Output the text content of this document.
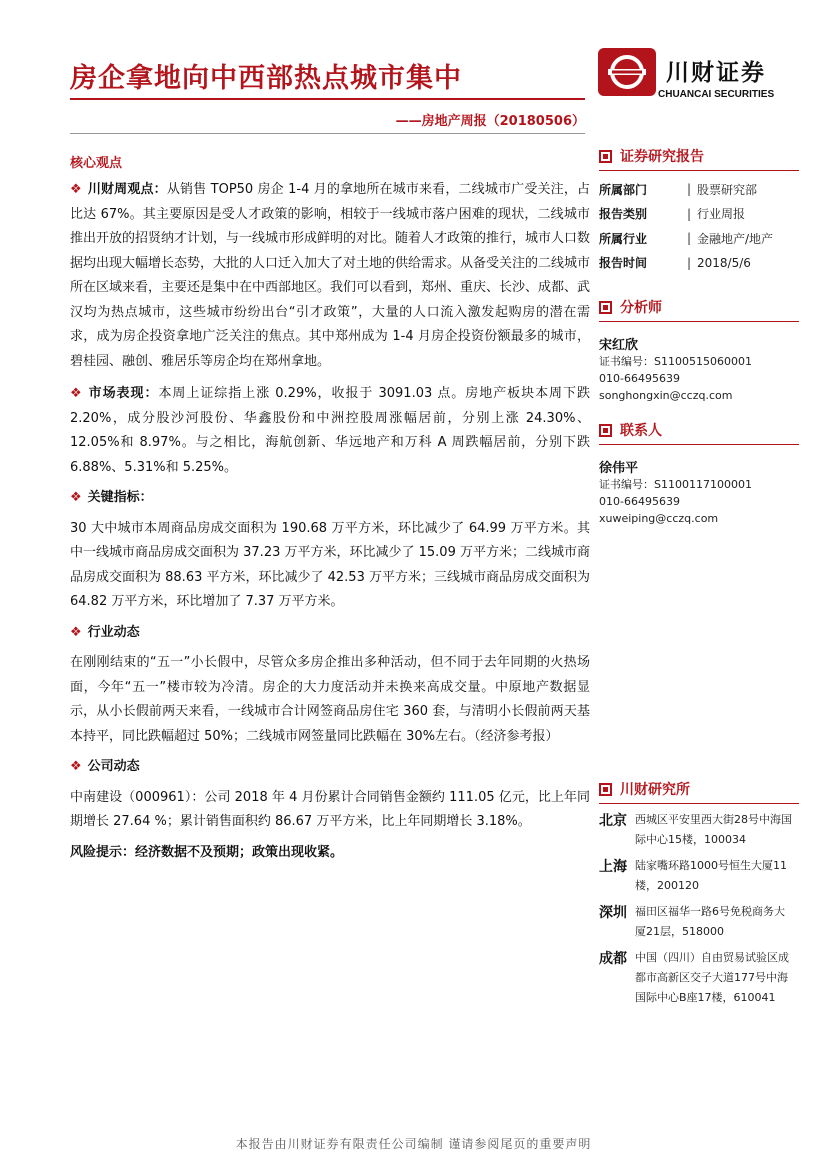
房企拿地向中西部热点城市集中
——房地产周报（20180506）
川财证券
CHUANCAI SECURITIES
核心观点
❖ 川财周观点：从销售 TOP50 房企 1-4 月的拿地所在城市来看，二线城市广受关注，占比达 67%。其主要原因是受人才政策的影响，相较于一线城市落户困难的现状，二线城市推出开放的招贤纳才计划，与一线城市形成鲜明的对比。随着人才政策的推行，城市人口数据均出现大幅增长态势，大批的人口迁入加大了对土地的供给需求。从备受关注的二线城市所在区域来看，主要还是集中在中西部地区。我们可以看到，郑州、重庆、长沙、成都、武汉均为热点城市，这些城市纷纷出台“引才政策”，大量的人口流入激发起购房的潜在需求，成为房企投资拿地广泛关注的焦点。其中郑州成为 1-4 月房企投资份额最多的城市，碧桂园、融创、雅居乐等房企均在郑州拿地。
❖ 市场表现：本周上证综指上涨 0.29%，收报于 3091.03 点。房地产板块本周下跌 2.20%，成分股沙河股份、华鑫股份和中洲控股周涨幅居前，分别上涨 24.30%、12.05%和 8.97%。与之相比，海航创新、华远地产和万科 A 周跌幅居前，分别下跌 6.88%、5.31%和 5.25%。
❖ 关键指标：
30 大中城市本周商品房成交面积为 190.68 万平方米，环比减少了 64.99 万平方米。其中一线城市商品房成交面积为 37.23 万平方米，环比减少了 15.09 万平方米；二线城市商品房成交面积为 88.63 平方米，环比减少了 42.53 万平方米；三线城市商品房成交面积为 64.82 万平方米，环比增加了 7.37 万平方米。
❖ 行业动态
在刚刚结束的“五一”小长假中，尽管众多房企推出多种活动，但不同于去年同期的火热场面，今年“五一”楼市较为冷清。房企的大力度活动并未换来高成交量。中原地产数据显示，从小长假前两天来看，一线城市合计网签商品房住宅 360 套，与清明小长假前两天基本持平，同比跌幅超过 50%；二线城市网签量同比跌幅在 30%左右。（经济参考报）
❖ 公司动态
中南建设（000961）：公司 2018 年 4 月份累计合同销售金额约 111.05 亿元，比上年同期增长 27.64 %；累计销售面积约 86.67 万平方米，比上年同期增长 3.18%。
风险提示：经济数据不及预期；政策出现收紧。
证券研究报告
所属部门	| 股票研究部
报告类别	| 行业周报
所属行业	| 金融地产/地产
报告时间	| 2018/5/6
分析师
宋红欣
证书编号：S1100515060001
010-66495639
songhongxin@cczq.com
联系人
徐伟平
证书编号：S1100117100001
010-66495639
xuweiping@cczq.com
川财研究所
北京 西城区平安里西大街28号中海国际中心15楼，100034
上海 陆家嘴环路1000号恒生大厦11楼，200120
深圳 福田区福华一路6号免税商务大厦21层，518000
成都 中国（四川）自由贸易试验区成都市高新区交子大道177号中海国际中心B座17楼，610041
本报告由川财证券有限责任公司编制 谨请参阅尾页的重要声明
